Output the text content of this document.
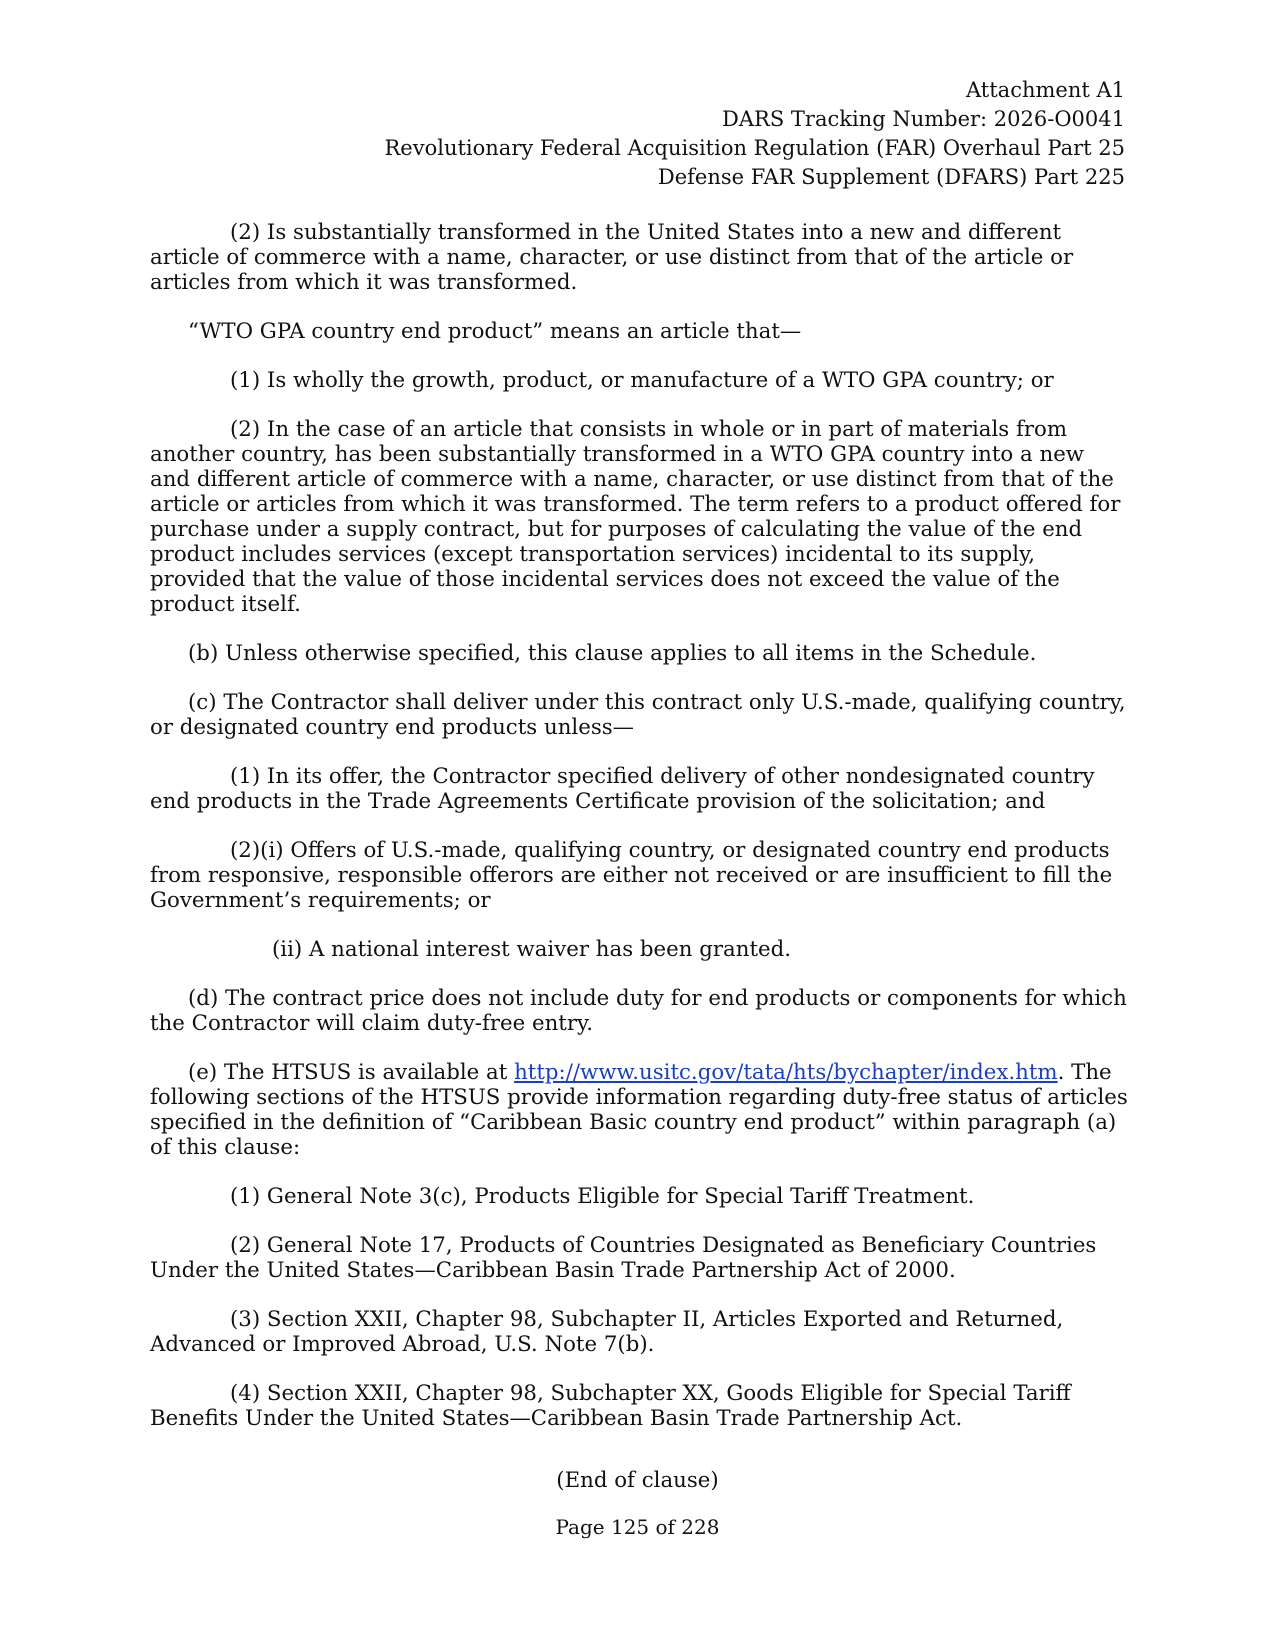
Attachment A1
DARS Tracking Number: 2026-O0041
Revolutionary Federal Acquisition Regulation (FAR) Overhaul Part 25
Defense FAR Supplement (DFARS) Part 225

(2) Is substantially transformed in the United States into a new and different article of commerce with a name, character, or use distinct from that of the article or articles from which it was transformed.

“WTO GPA country end product” means an article that—

(1) Is wholly the growth, product, or manufacture of a WTO GPA country; or

(2) In the case of an article that consists in whole or in part of materials from another country, has been substantially transformed in a WTO GPA country into a new and different article of commerce with a name, character, or use distinct from that of the article or articles from which it was transformed. The term refers to a product offered for purchase under a supply contract, but for purposes of calculating the value of the end product includes services (except transportation services) incidental to its supply, provided that the value of those incidental services does not exceed the value of the product itself.

(b) Unless otherwise specified, this clause applies to all items in the Schedule.

(c) The Contractor shall deliver under this contract only U.S.-made, qualifying country, or designated country end products unless—

(1) In its offer, the Contractor specified delivery of other nondesignated country end products in the Trade Agreements Certificate provision of the solicitation; and

(2)(i) Offers of U.S.-made, qualifying country, or designated country end products from responsive, responsible offerors are either not received or are insufficient to fill the Government’s requirements; or

(ii) A national interest waiver has been granted.

(d) The contract price does not include duty for end products or components for which the Contractor will claim duty-free entry.

(e) The HTSUS is available at http://www.usitc.gov/tata/hts/bychapter/index.htm. The following sections of the HTSUS provide information regarding duty-free status of articles specified in the definition of “Caribbean Basic country end product” within paragraph (a) of this clause:

(1) General Note 3(c), Products Eligible for Special Tariff Treatment.

(2) General Note 17, Products of Countries Designated as Beneficiary Countries Under the United States—Caribbean Basin Trade Partnership Act of 2000.

(3) Section XXII, Chapter 98, Subchapter II, Articles Exported and Returned, Advanced or Improved Abroad, U.S. Note 7(b).

(4) Section XXII, Chapter 98, Subchapter XX, Goods Eligible for Special Tariff Benefits Under the United States—Caribbean Basin Trade Partnership Act.

(End of clause)
Page 125 of 228
